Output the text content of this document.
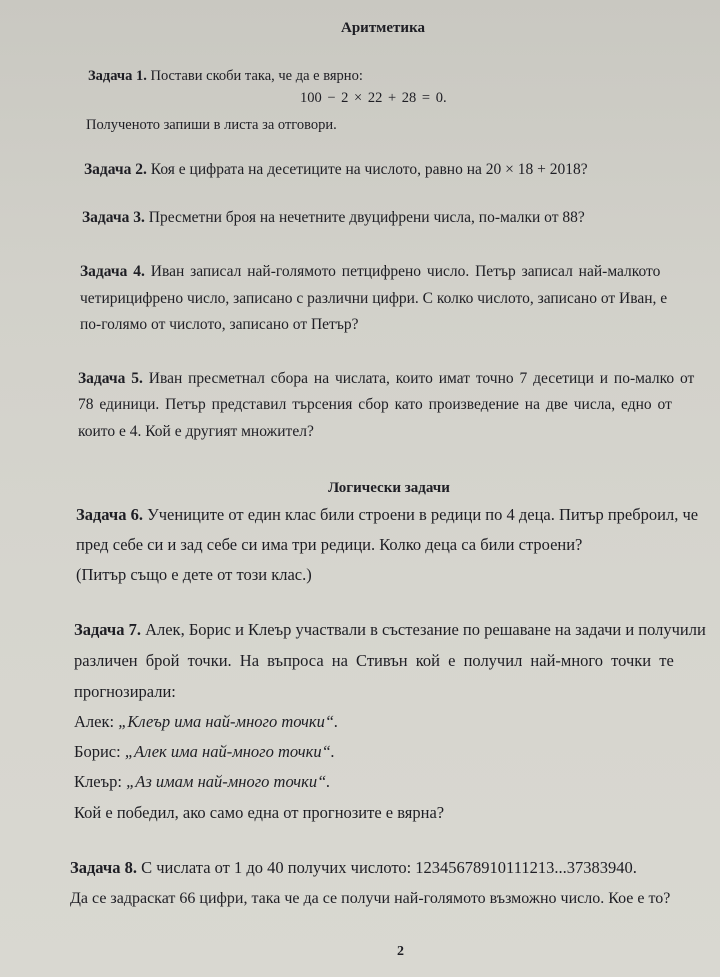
Аритметика
Задача 1. Постави скоби така, че да е вярно:
100 − 2 × 22 + 28 = 0.
Полученото запиши в листа за отговори.
Задача 2. Коя е цифрата на десетиците на числото, равно на 20 × 18 + 2018?
Задача 3. Пресметни броя на нечетните двуцифрени числа, по-малки от 88?
Задача 4. Иван записал най-голямото петцифрено число. Петър записал най-малкото
четирицифрено число, записано с различни цифри. С колко числото, записано от Иван, е
по-голямо от числото, записано от Петър?
Задача 5. Иван пресметнал сбора на числата, които имат точно 7 десетици и по-малко от
78 единици. Петър представил търсения сбор като произведение на две числа, едно от
които е 4. Кой е другият множител?
Логически задачи
Задача 6. Учениците от един клас били строени в редици по 4 деца. Питър преброил, че
пред себе си и зад себе си има три редици. Колко деца са били строени?
(Питър също е дете от този клас.)
Задача 7. Алек, Борис и Клеър участвали в състезание по решаване на задачи и получили
различен брой точки. На въпроса на Стивън кой е получил най-много точки те
прогнозирали:
Алек: „Клеър има най-много точки“.
Борис: „Алек има най-много точки“.
Клеър: „Аз имам най-много точки“.
Кой е победил, ако само една от прогнозите е вярна?
Задача 8. С числата от 1 до 40 получих числото: 12345678910111213...37383940.
Да се задраскат 66 цифри, така че да се получи най-голямото възможно число. Кое е то?
2
